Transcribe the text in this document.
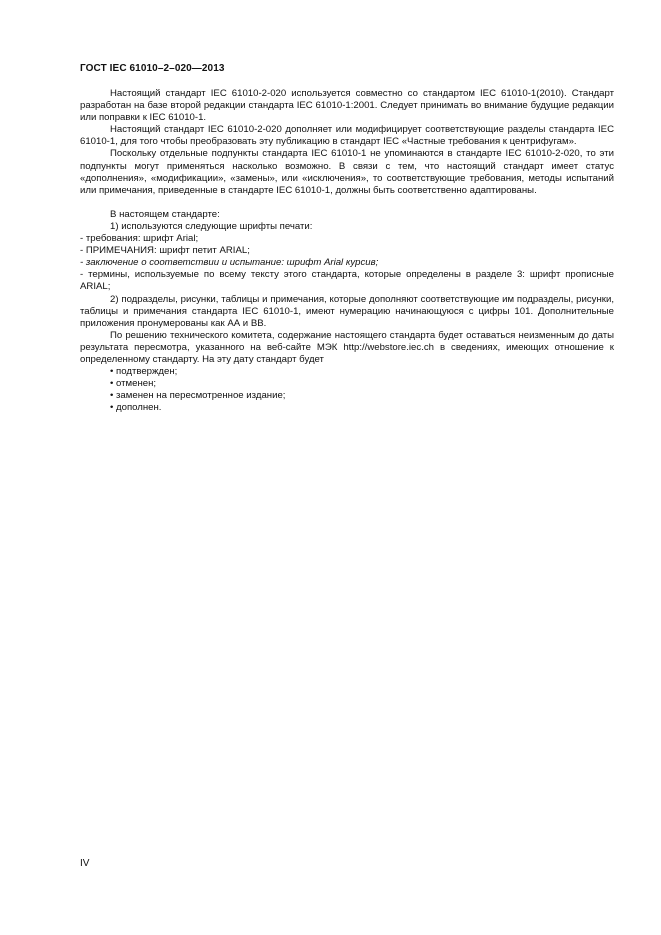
ГОСТ IEC 61010–2–020—2013

Настоящий стандарт IEC 61010-2-020 используется совместно со стандартом IEC 61010-1(2010). Стандарт разработан на базе второй редакции стандарта IEC 61010-1:2001. Следует принимать во внимание будущие редакции или поправки к IEC 61010-1.

Настоящий стандарт IEC 61010-2-020 дополняет или модифицирует соответствующие разделы стандарта IEC 61010-1, для того чтобы преобразовать эту публикацию в стандарт IEC «Частные требования к центрифугам».

Поскольку отдельные подпункты стандарта IEC 61010-1 не упоминаются в стандарте IEC 61010-2-020, то эти подпункты могут применяться насколько возможно. В связи с тем, что настоящий стандарт имеет статус «дополнения», «модификации», «замены», или «исключения», то соответствующие требования, методы испытаний или примечания, приведенные в стандарте IEC 61010-1, должны быть соответственно адаптированы.

В настоящем стандарте:

1) используются следующие шрифты печати:

- требования: шрифт Arial;

- ПРИМЕЧАНИЯ: шрифт петит ARIAL;

- заключение о соответствии и испытание: шрифт Arial курсив;

- термины, используемые по всему тексту этого стандарта, которые определены в разделе 3: шрифт прописные ARIAL;

2) подразделы, рисунки, таблицы и примечания, которые дополняют соответствующие им подразделы, рисунки, таблицы и примечания стандарта IEC 61010-1, имеют нумерацию начинающуюся с цифры 101. Дополнительные приложения пронумерованы как АА и ВВ.

По решению технического комитета, содержание настоящего стандарта будет оставаться неизменным до даты результата пересмотра, указанного на веб-сайте МЭК http://webstore.iec.ch в сведениях, имеющих отношение к определенному стандарту. На эту дату стандарт будет

• подтвержден;

• отменен;

• заменен на пересмотренное издание;

• дополнен.

IV
